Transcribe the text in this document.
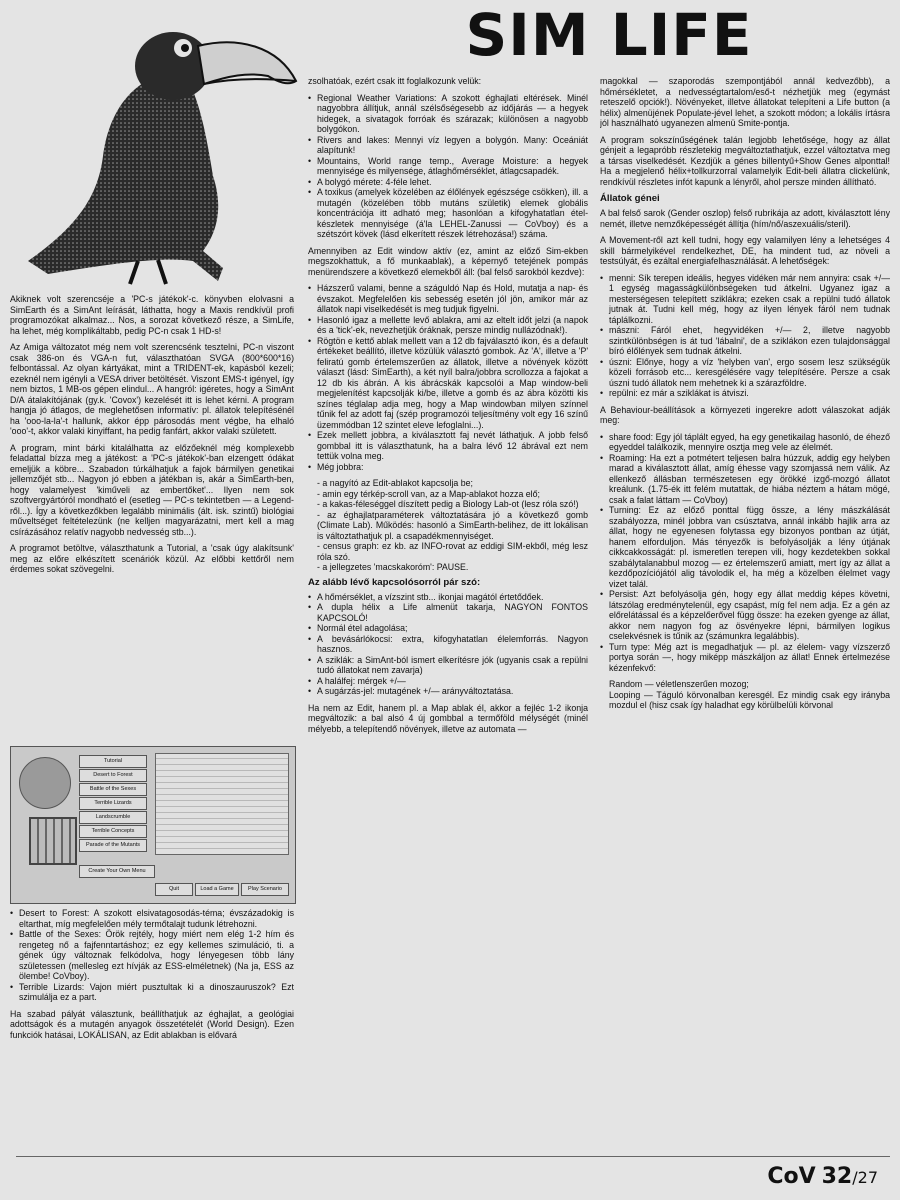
SIM LIFE

Akiknek volt szerencséje a 'PC-s játékok'-c. könyvben elolvasni a SimEarth és a SimAnt leírását, láthatta, hogy a Maxis rendkívül profi programozókat alkalmaz... Nos, a sorozat következő része, a SimLife, ha lehet, még komplikáltabb, pedig PC-n csak 1 HD-s!

Az Amiga változatot még nem volt szerencsénk tesztelni, PC-n viszont csak 386-on és VGA-n fut, választhatóan SVGA (800*600*16) felbontással. Az olyan kártyákat, mint a TRIDENT-ek, kapásból kezeli; ezeknél nem igényli a VESA driver betöltését. Viszont EMS-t igényel, így nem biztos, 1 MB-os gépen elindul... A hangról: igéretes, hogy a SimAnt D/A átalakítójának (gy.k. 'Covox') kezelését itt is lehet kérni. A program hangja jó átlagos, de meglehetősen informatív: pl. állatok telepítésénél ha 'ooo-la-la'-t hallunk, akkor épp párosodás ment végbe, ha elhaló 'ooo'-t, akkor valaki kinyiffant, ha pedig fanfárt, akkor valaki született.

A program, mint bárki kitalálhatta az előzőeknél még komplexebb feladattal bízza meg a játékost: a 'PC-s játékok'-ban elzengett ódákat emeljük a köbre... Szabadon túrkálhatjuk a fajok bármilyen genetikai jellemzőjét stb... Nagyon jó ebben a játékban is, akár a SimEarth-ben, hogy valamelyest 'kiműveli az embertőket'... Ilyen nem sok szoftvergyártóról mondható el (esetleg — PC-s tekintetben — a Legend-ről...). Így a következőkben legalább minimális (ált. isk. szintű) biológiai műveltséget feltételezünk (ne kelljen magyarázatni, mert kell a mag csírázásához relatív nagyobb nedvesség stb...).

A programot betöltve, választhatunk a Tutorial, a 'csak úgy alakítsunk' meg az előre elkészített scenáriók közül. Az előbbi kettőről nem érdemes sokat szövegelni.

Tutorial
Desert to Forest
Battle of the Sexes
Terrible Lizards
Landscrumble
Terrible Concepts
Parade of the Mutants
Create Your Own Menu
Quit	Load a Game	Play Scenario
• Desert to Forest: A szokott elsivatagosodás-téma; évszázadokig is eltarthat, míg megfelelően mély termőtalajt tudunk létrehozni.
• Battle of the Sexes: Örök rejtély, hogy miért nem elég 1-2 hím és rengeteg nő a fajfenntartáshoz; ez egy kellemes szimuláció, ti. a gének úgy változnak felkódolva, hogy lényegesen több lány születessen (mellesleg ezt hívják az ESS-elméletnek) (Na ja, ESS az ölembe! CoVboy).
• Terrible Lizards: Vajon miért pusztultak ki a dinoszauruszok? Ezt szimulálja ez a part.

Ha szabad pályát választunk, beállíthatjuk az éghajlat, a geológiai adottságok és a mutagén anyagok összetételét (World Design). Ezen funkciók hatásai, LOKÁLISAN, az Edit ablakban is elővará

zsolhatóak, ezért csak itt foglalkozunk velük:

• Regional Weather Variations: A szokott éghajlati eltérések. Minél nagyobbra állítjuk, annál szélsőségesebb az időjárás — a hegyek hidegek, a sivatagok forróak és szárazak; különösen a nagyobb bolygókon.
• Rivers and lakes: Mennyi víz legyen a bolygón. Many: Oceániát alapítunk!
• Mountains, World range temp., Average Moisture: a hegyek mennyisége és milyensége, átlaghőmérséklet, átlagcsapadék.
• A bolygó mérete: 4-féle lehet.
• A toxikus (amelyek közelében az élőlények egészsége csökken), ill. a mutagén (közelében több mutáns születik) elemek globális koncentrációja itt adható meg; hasonlóan a kifogyhatatlan étel-készletek mennyisége (á'la LEHEL-Zanussi — CoVboy) és a szétszórt kövek (lásd elkerített részek létrehozása!) száma.

Amennyiben az Edit window aktív (ez, amint az előző Sim-ekben megszokhattuk, a fő munkaablak), a képernyő tetejének pompás menürendszere a következő elemekből áll: (bal felső sarokból kezdve):

• Házszerű valami, benne a száguldó Nap és Hold, mutatja a nap- és évszakot. Megfelelően kis sebesség esetén jól jön, amikor már az állatok napi viselkedését is meg tudjuk figyelni.
• Hasonló igaz a mellette levő ablakra, ami az eltelt időt jelzi (a napok és a 'tick'-ek, nevezhetjük óráknak, persze mindig nullázódnak!).
• Rögtön e kettő ablak mellett van a 12 db fajválasztó ikon, és a default értékeket beállító, illetve közülük választó gombok. Az 'A', illetve a 'P' feliratú gomb értelemszerűen az állatok, illetve a növények között választ (lásd: SimEarth), a két nyíl balra/jobbra scrollozza a fajokat a 12 db kis ábrán. A kis ábrácskák kapcsolói a Map window-beli megjelenítést kapcsolják ki/be, illetve a gomb és az ábra közötti kis színes téglalap adja meg, hogy a Map windowban milyen színnel tűnik fel az adott faj (szép programozói teljesítmény volt egy 16 színű üzemmódban 12 szintet eleve lefoglalni...).
• Ezek mellett jobbra, a kiválasztott faj nevét láthatjuk. A jobb felső gombbal itt is választhatunk, ha a balra lévő 12 ábrával ezt nem tettük volna meg.
• Még jobbra:
- a nagyító az Edit-ablakot kapcsolja be;
- amin egy térkép-scroll van, az a Map-ablakot hozza elő;
- a kakas-féleséggel díszített pedig a Biology Lab-ot (lesz róla szó!)
- az éghajlatparaméterek változtatására jó a következő gomb (Climate Lab). Működés: hasonló a SimEarth-belihez, de itt lokálisan is változtathatjuk pl. a csapadékmennyiséget.
- census graph: ez kb. az INFO-rovat az eddigi SIM-ekből, még lesz róla szó.
- a jellegzetes 'macskakoróm': PAUSE.
Az alább lévő kapcsolósorról pár szó:
• A hőmérséklet, a vízszint stb... ikonjai magától értetődőek.
• A dupla hélix a Life almenüt takarja, NAGYON FONTOS KAPCSOLÓ!
• Normál étel adagolása;
• A bevásárlókocsi: extra, kifogyhatatlan élelemforrás. Nagyon hasznos.
• A sziklák: a SimAnt-ból ismert elkerítésre jók (ugyanis csak a repülni tudó állatokat nem zavarja)
• A halálfej: mérgek +/—
• A sugárzás-jel: mutagének +/— arányváltoztatása.

Ha nem az Edit, hanem pl. a Map ablak él, akkor a fejléc 1-2 ikonja megváltozik: a bal alsó 4 új gombbal a termőföld mélységét (minél mélyebb, a telepítendő növények, illetve az automata —

magokkal — szaporodás szempontjából annál kedvezőbb), a hőmérsékletet, a nedvességtartalom/eső-t nézhetjük meg (egymást reteszelő opciók!). Növényeket, illetve állatokat telepíteni a Life button (a hélix) almenüjének Populate-jével lehet, a szokott módon; a lokális írtásra jól használható ugyanezen almenü Smite-pontja.

A program sokszínűségének talán legjobb lehetősége, hogy az állat génjeit a legapróbb részletekig megváltoztathatjuk, ezzel változtatva meg a társas viselkedését. Kezdjük a génes billentyű+Show Genes alponttal! Ha a megjelenő hélix+tollkurzorral valamelyik Edit-beli állatra clickelünk, rendkívül részletes infót kapunk a lényről, ahol persze minden állítható.

Állatok génei

A bal felső sarok (Gender oszlop) felső rubrikája az adott, kiválasztott lény nemét, illetve nemzőképességét állítja (hím/nő/aszexuális/steril).

A Movement-ről azt kell tudni, hogy egy valamilyen lény a lehetséges 4 skill bármelyikével rendelkezhet, DE, ha mindent tud, az növeli a testsúlyát, és ezáltal energiafelhasználását. A lehetőségek:

• menni: Sík terepen ideális, hegyes vidéken már nem annyira: csak +/— 1 egység magasságkülönbségeken tud átkelni. Ugyanez igaz a mesterségesen telepített sziklákra; ezeken csak a repülni tudó állatok jutnak át. Tudni kell még, hogy az ilyen lények fáról nem tudnak táplálkozni.
• mászni: Fáról ehet, hegyvidéken +/— 2, illetve nagyobb szintkülönbségen is át tud 'lábalni', de a sziklákon ezen tulajdonsággal bíró élőlények sem tudnak átkelni.
• úszni: Előnye, hogy a víz 'helyben van', ergo sosem lesz szükségük közeli forrásob etc... keresgélésére vagy telepítésére. Persze a csak úszni tudó állatok nem mehetnek ki a szárazföldre.
• repülni: ez már a sziklákat is átviszi.

A Behaviour-beállítások a környezeti ingerekre adott válaszokat adják meg:

• share food: Egy jól táplált egyed, ha egy genetikailag hasonló, de éhező egyeddel találkozik, mennyire osztja meg vele az élelmét.
• Roaming: Ha ezt a potmétert teljesen balra húzzuk, addig egy helyben marad a kiválasztott állat, amíg éhesse vagy szomjassá nem válik. Az ellenkező állásban természetesen egy örökké izgő-mozgó állatot kreálunk. (1.75-ék itt felém mutattak, de hiába néztem a hátam mögé, csak a falat láttam — CoVboy)
• Turning: Ez az előző ponttal függ össze, a lény mászkálását szabályozza, minél jobbra van csúsztatva, annál inkább hajlik arra az állat, hogy ne egyenesen folytassa egy bizonyos pontban az útját, hanem elforduljon. Más tényezők is befolyásolják a lény útjának cikkcakkosságát: pl. ismeretlen terepen vili, hogy kezdetekben sokkal szabálytalanabbul mozog — ez értelemszerű amiatt, mert így az állat a kezdőpozíciójától alig távolodik el, ha még a közelben élelmet vagy vizet talál.
• Persist: Azt befolyásolja gén, hogy egy állat meddig képes követni, látszólag eredménytelenül, egy csapást, míg fel nem adja. Ez a gén az előrelátással és a képzelőerővel függ össze: ha ezeken gyenge az állat, akkor nem nagyon fog az ösvényekre lépni, bármilyen logikus cselekvésnek is tűnik az (számunkra legalábbis).
• Turn type: Még azt is megadhatjuk — pl. az élelem- vagy vízszerző portya során —, hogy miképp mászkáljon az állat! Ennek értelmezése kézenfekvő:
Random — véletlenszerűen mozog;
Looping — Táguló körvonalban keresgél. Ez mindig csak egy irányba mozdul el (hisz csak így haladhat egy körülbelüli körvonal
CoV 32/27
